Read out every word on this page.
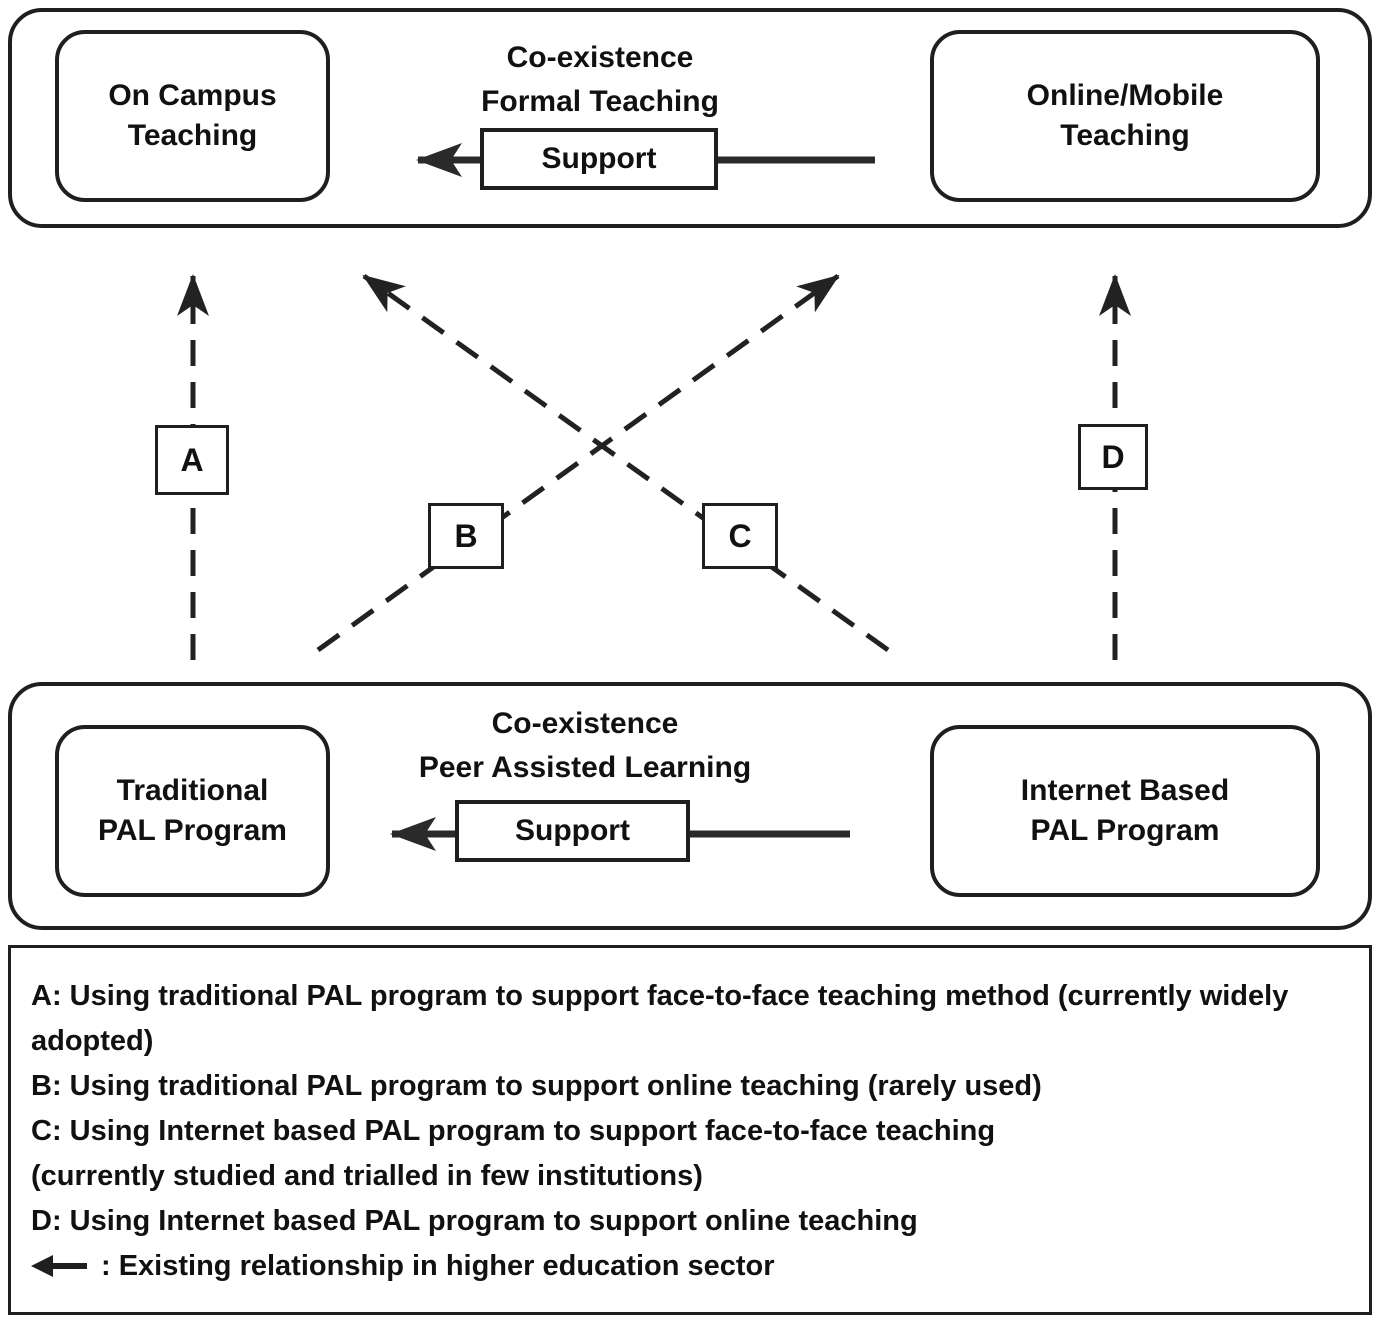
On Campus
Teaching
Co-existence
Formal Teaching
Support
Online/Mobile
Teaching
A
B	C
D
Traditional
PAL Program
Co-existence
Peer Assisted Learning
Support
Internet Based
PAL Program

A: Using traditional PAL program to support face-to-face teaching method (currently widely adopted)

B: Using traditional PAL program to support online teaching (rarely used)

C: Using Internet based PAL program to support face-to-face teaching

(currently studied and trialled in few institutions)

D: Using Internet based PAL program to support online teaching

: Existing relationship in higher education sector
